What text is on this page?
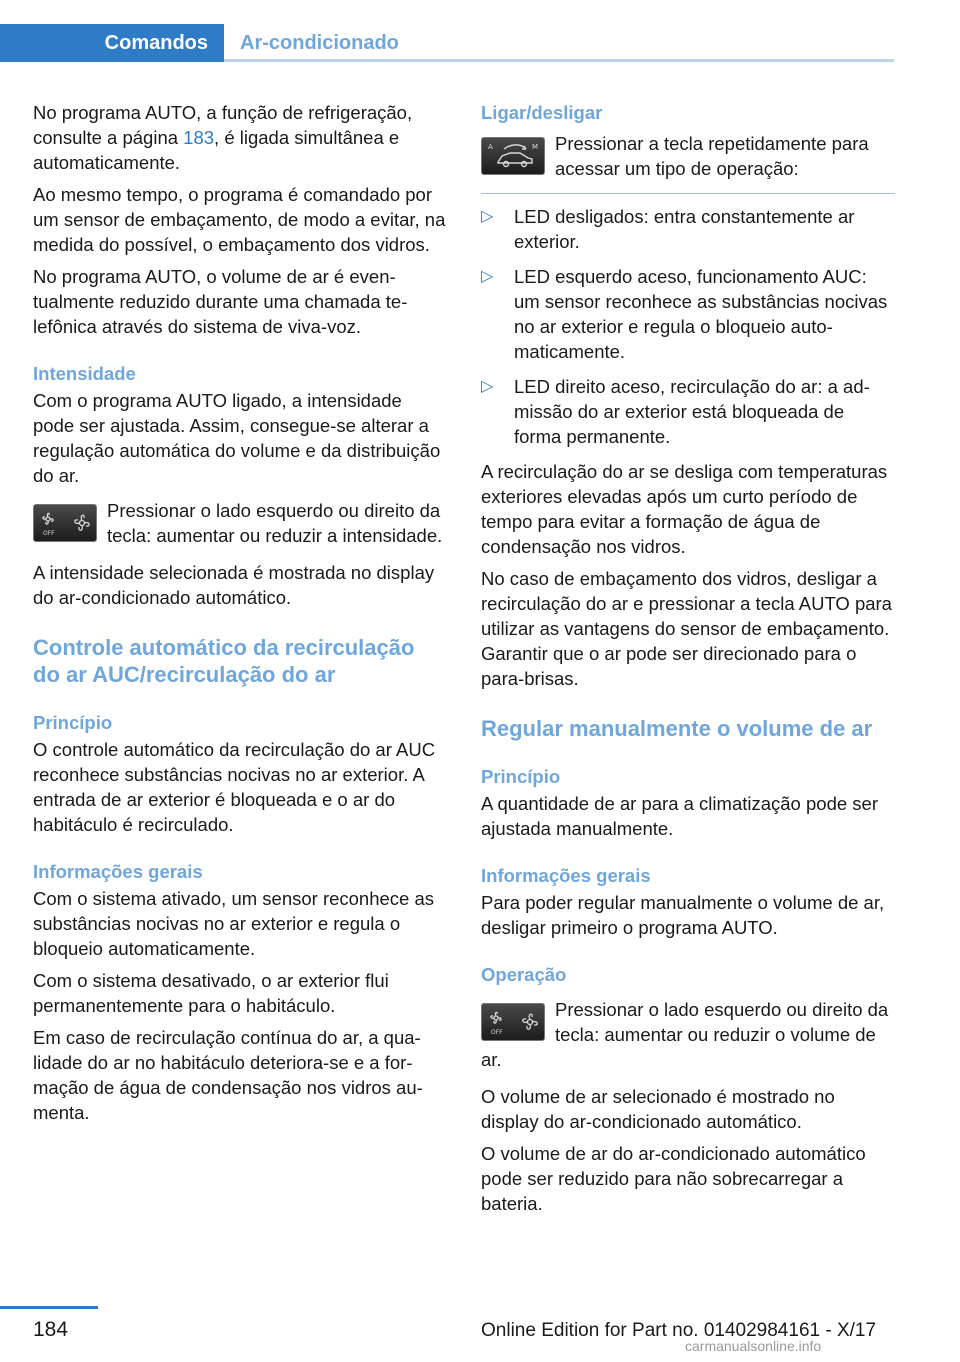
Comandos	Ar-condicionado

No programa AUTO, a função de refrigeração, consulte a página 183, é ligada simultânea e automaticamente.

Ao mesmo tempo, o programa é comandado por um sensor de embaçamento, de modo a evitar, na medida do possível, o embaçamento dos vidros.

No programa AUTO, o volume de ar é eventualmente reduzido durante uma chamada telefônica através do sistema de viva-voz.

Intensidade

Com o programa AUTO ligado, a intensidade pode ser ajustada. Assim, consegue-se alterar a regulação automática do volume e da distribuição do ar.

OFF
Pressionar o lado esquerdo ou direito da tecla: aumentar ou reduzir a intensidade.

A intensidade selecionada é mostrada no display do ar-condicionado automático.

Controle automático da recirculação do ar AUC/recirculação do ar
Princípio

O controle automático da recirculação do ar AUC reconhece substâncias nocivas no ar exterior. A entrada de ar exterior é bloqueada e o ar do habitáculo é recirculado.

Informações gerais

Com o sistema ativado, um sensor reconhece as substâncias nocivas no ar exterior e regula o bloqueio automaticamente.

Com o sistema desativado, o ar exterior flui permanentemente para o habitáculo.

Em caso de recirculação contínua do ar, a qualidade do ar no habitáculo deteriora-se e a formação de água de condensação nos vidros aumenta.

Ligar/desligar
A	M Pressionar a tecla repetidamente para acessar um tipo de operação:
▷ LED desligados: entra constantemente ar exterior.
▷ LED esquerdo aceso, funcionamento AUC: um sensor reconhece as substâncias nocivas no ar exterior e regula o bloqueio automaticamente.
▷ LED direito aceso, recirculação do ar: a admissão do ar exterior está bloqueada de forma permanente.

A recirculação do ar se desliga com temperaturas exteriores elevadas após um curto período de tempo para evitar a formação de água de condensação nos vidros.

No caso de embaçamento dos vidros, desligar a recirculação do ar e pressionar a tecla AUTO para utilizar as vantagens do sensor de embaçamento. Garantir que o ar pode ser direcionado para o para-brisas.

Regular manualmente o volume de ar
Princípio

A quantidade de ar para a climatização pode ser ajustada manualmente.

Informações gerais

Para poder regular manualmente o volume de ar, desligar primeiro o programa AUTO.

Operação
OFF
Pressionar o lado esquerdo ou direito da tecla: aumentar ou reduzir o volume de ar.

O volume de ar selecionado é mostrado no display do ar-condicionado automático.

O volume de ar do ar-condicionado automático pode ser reduzido para não sobrecarregar a bateria.

184	Online Edition for Part no. 01402984161 - X/17
carmanualsonline.info
